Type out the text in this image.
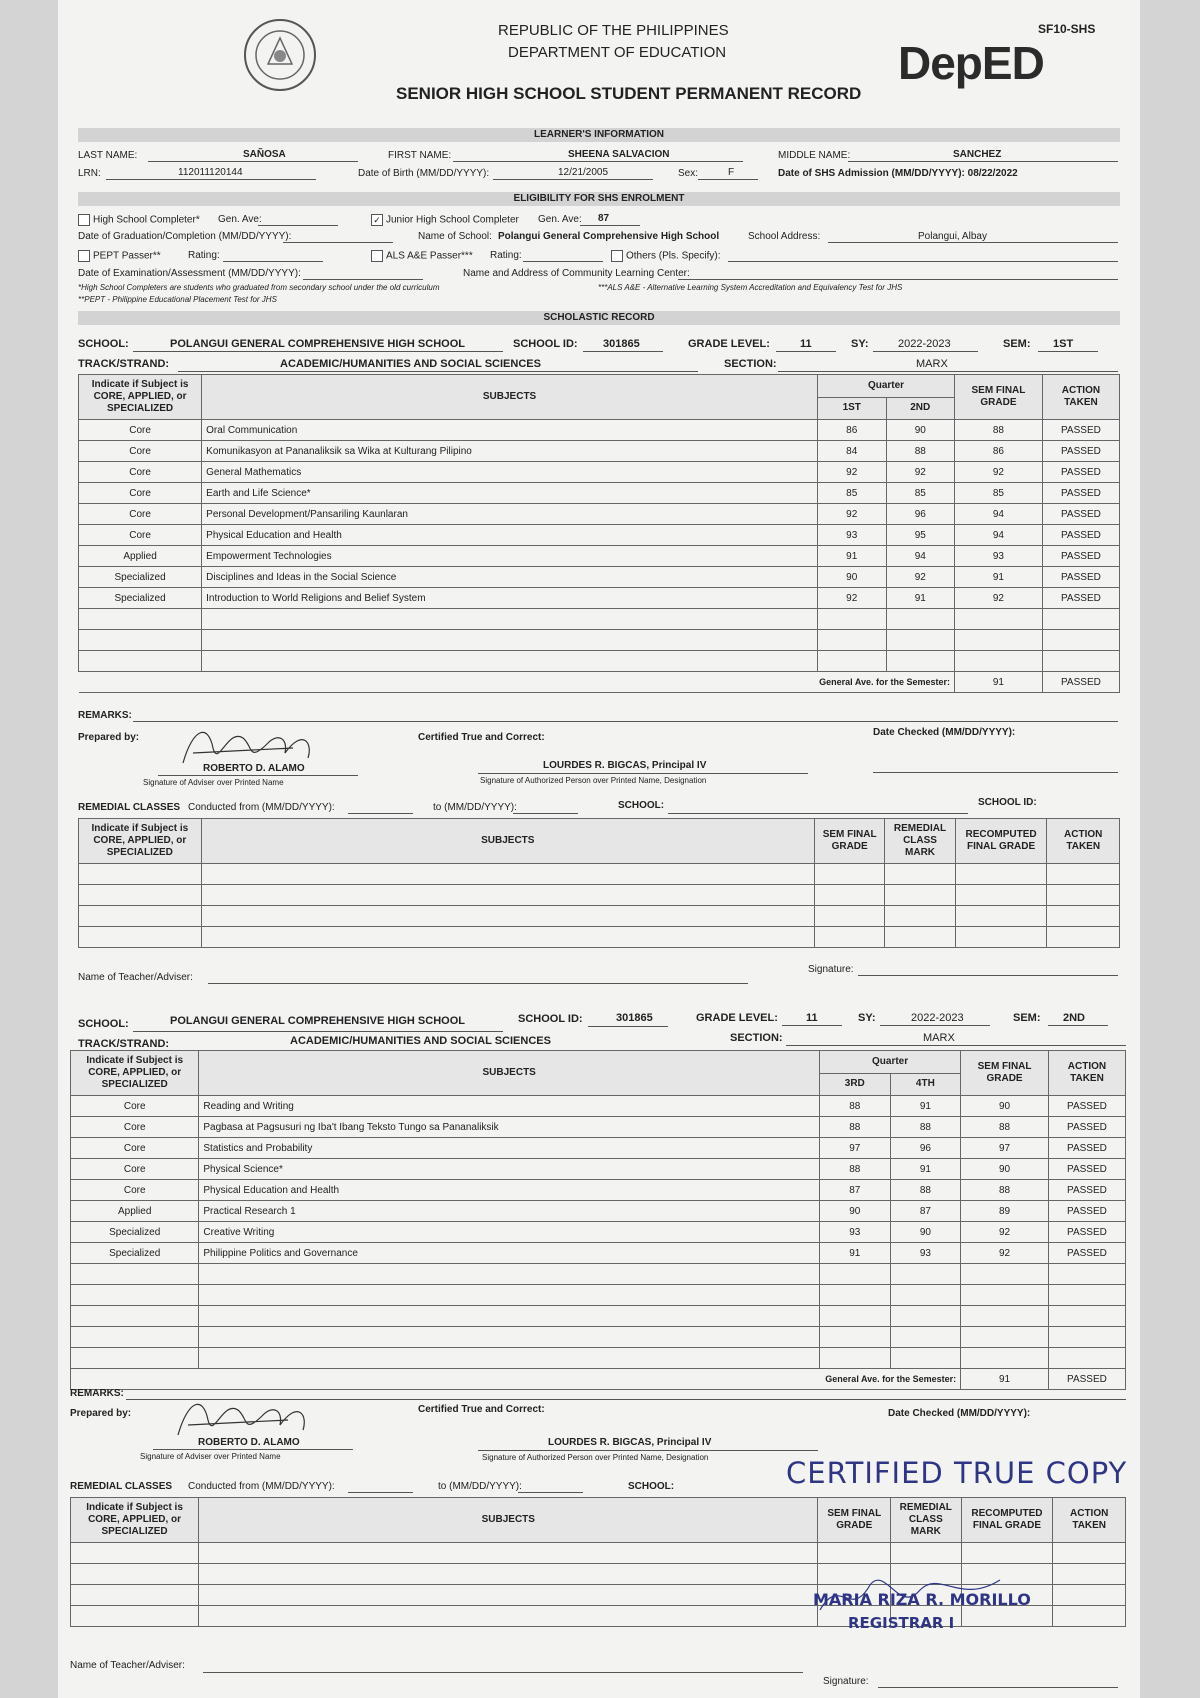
REPUBLIC OF THE PHILIPPINES
DEPARTMENT OF EDUCATION
SENIOR HIGH SCHOOL STUDENT PERMANENT RECORD
SF10-SHS
DepED
LEARNER'S INFORMATION
LAST NAME:	SAÑOSA	FIRST NAME:	SHEENA SALVACION	MIDDLE NAME:	SANCHEZ
LRN:	112011120144	Date of Birth (MM/DD/YYYY):	12/21/2005	Sex:	F	Date of SHS Admission (MM/DD/YYYY): 08/22/2022
ELIGIBILITY FOR SHS ENROLMENT
High School Completer* Gen. Ave:	✓ Junior High School Completer Gen. Ave: 87
Date of Graduation/Completion (MM/DD/YYYY):	Name of School: Polangui General Comprehensive High School	School Address:	Polangui, Albay
PEPT Passer**	Rating:	ALS A&E Passer*** Rating:	Others (Pls. Specify):
Date of Examination/Assessment (MM/DD/YYYY):	Name and Address of Community Learning Center:
*High School Completers are students who graduated from secondary school under the old curriculum	***ALS A&E - Alternative Learning System Accreditation and Equivalency Test for JHS
**PEPT - Philippine Educational Placement Test for JHS
SCHOLASTIC RECORD
SCHOOL:	POLANGUI GENERAL COMPREHENSIVE HIGH SCHOOL	SCHOOL ID: 301865	GRADE LEVEL:	11	SY:	2022-2023	SEM: 1ST
TRACK/STRAND:	ACADEMIC/HUMANITIES AND SOCIAL SCIENCES	SECTION:	MARX
Indicate if Subject is CORE, APPLIED, or SPECIALIZED	SUBJECTS	Quarter		SEM FINAL GRADE	ACTION TAKEN
		1ST	2ND		
Core	Oral Communication	86	90	88	PASSED
Core	Komunikasyon at Pananaliksik sa Wika at Kulturang Pilipino	84	88	86	PASSED
Core	General Mathematics	92	92	92	PASSED
Core	Earth and Life Science*	85	85	85	PASSED
Core	Personal Development/Pansariling Kaunlaran	92	96	94	PASSED
Core	Physical Education and Health	93	95	94	PASSED
Applied	Empowerment Technologies	91	94	93	PASSED
Specialized	Disciplines and Ideas in the Social Science	90	92	91	PASSED
Specialized	Introduction to World Religions and Belief System	92	91	92	PASSED

General Ave. for the Semester:				91	PASSED
REMARKS:
Prepared by:
ROBERTO D. ALAMO
Signature of Adviser over Printed Name
Certified True and Correct:
LOURDES R. BIGCAS, Principal IV
Signature of Authorized Person over Printed Name, Designation
Date Checked (MM/DD/YYYY):
REMEDIAL CLASSES Conducted from (MM/DD/YYYY):	to (MM/DD/YYYY):	SCHOOL:	SCHOOL ID:
Indicate if Subject is CORE, APPLIED, or SPECIALIZED	SUBJECTS	SEM FINAL GRADE	REMEDIAL CLASS MARK	RECOMPUTED FINAL GRADE	ACTION TAKEN

Name of Teacher/Adviser:
Signature:
SCHOOL:	POLANGUI GENERAL COMPREHENSIVE HIGH SCHOOL	SCHOOL ID:	301865	GRADE LEVEL:	11	SY:	2022-2023	SEM: 2ND
TRACK/STRAND:	ACADEMIC/HUMANITIES AND SOCIAL SCIENCES	SECTION:	MARX
Indicate if Subject is CORE, APPLIED, or SPECIALIZED	SUBJECTS	Quarter		SEM FINAL GRADE	ACTION TAKEN
		3RD	4TH		
Core	Reading and Writing	88	91	90	PASSED
Core	Pagbasa at Pagsusuri ng Iba't Ibang Teksto Tungo sa Pananaliksik	88	88	88	PASSED
Core	Statistics and Probability	97	96	97	PASSED
Core	Physical Science*	88	91	90	PASSED
Core	Physical Education and Health	87	88	88	PASSED
Applied	Practical Research 1	90	87	89	PASSED
Specialized	Creative Writing	93	90	92	PASSED
Specialized	Philippine Politics and Governance	91	93	92	PASSED

General Ave. for the Semester:				91	PASSED
REMARKS:
Prepared by:
ROBERTO D. ALAMO
Signature of Adviser over Printed Name
Certified True and Correct:
LOURDES R. BIGCAS, Principal IV
Signature of Authorized Person over Printed Name, Designation
Date Checked (MM/DD/YYYY):
REMEDIAL CLASSES Conducted from (MM/DD/YYYY):	to (MM/DD/YYYY):	SCHOOL:
Indicate if Subject is CORE, APPLIED, or SPECIALIZED	SUBJECTS	SEM FINAL GRADE	REMEDIAL CLASS MARK	RECOMPUTED FINAL GRADE	ACTION TAKEN

Name of Teacher/Adviser:
Signature:
CERTIFIED TRUE COPY
MARIA RIZA R. MORILLO
REGISTRAR I
